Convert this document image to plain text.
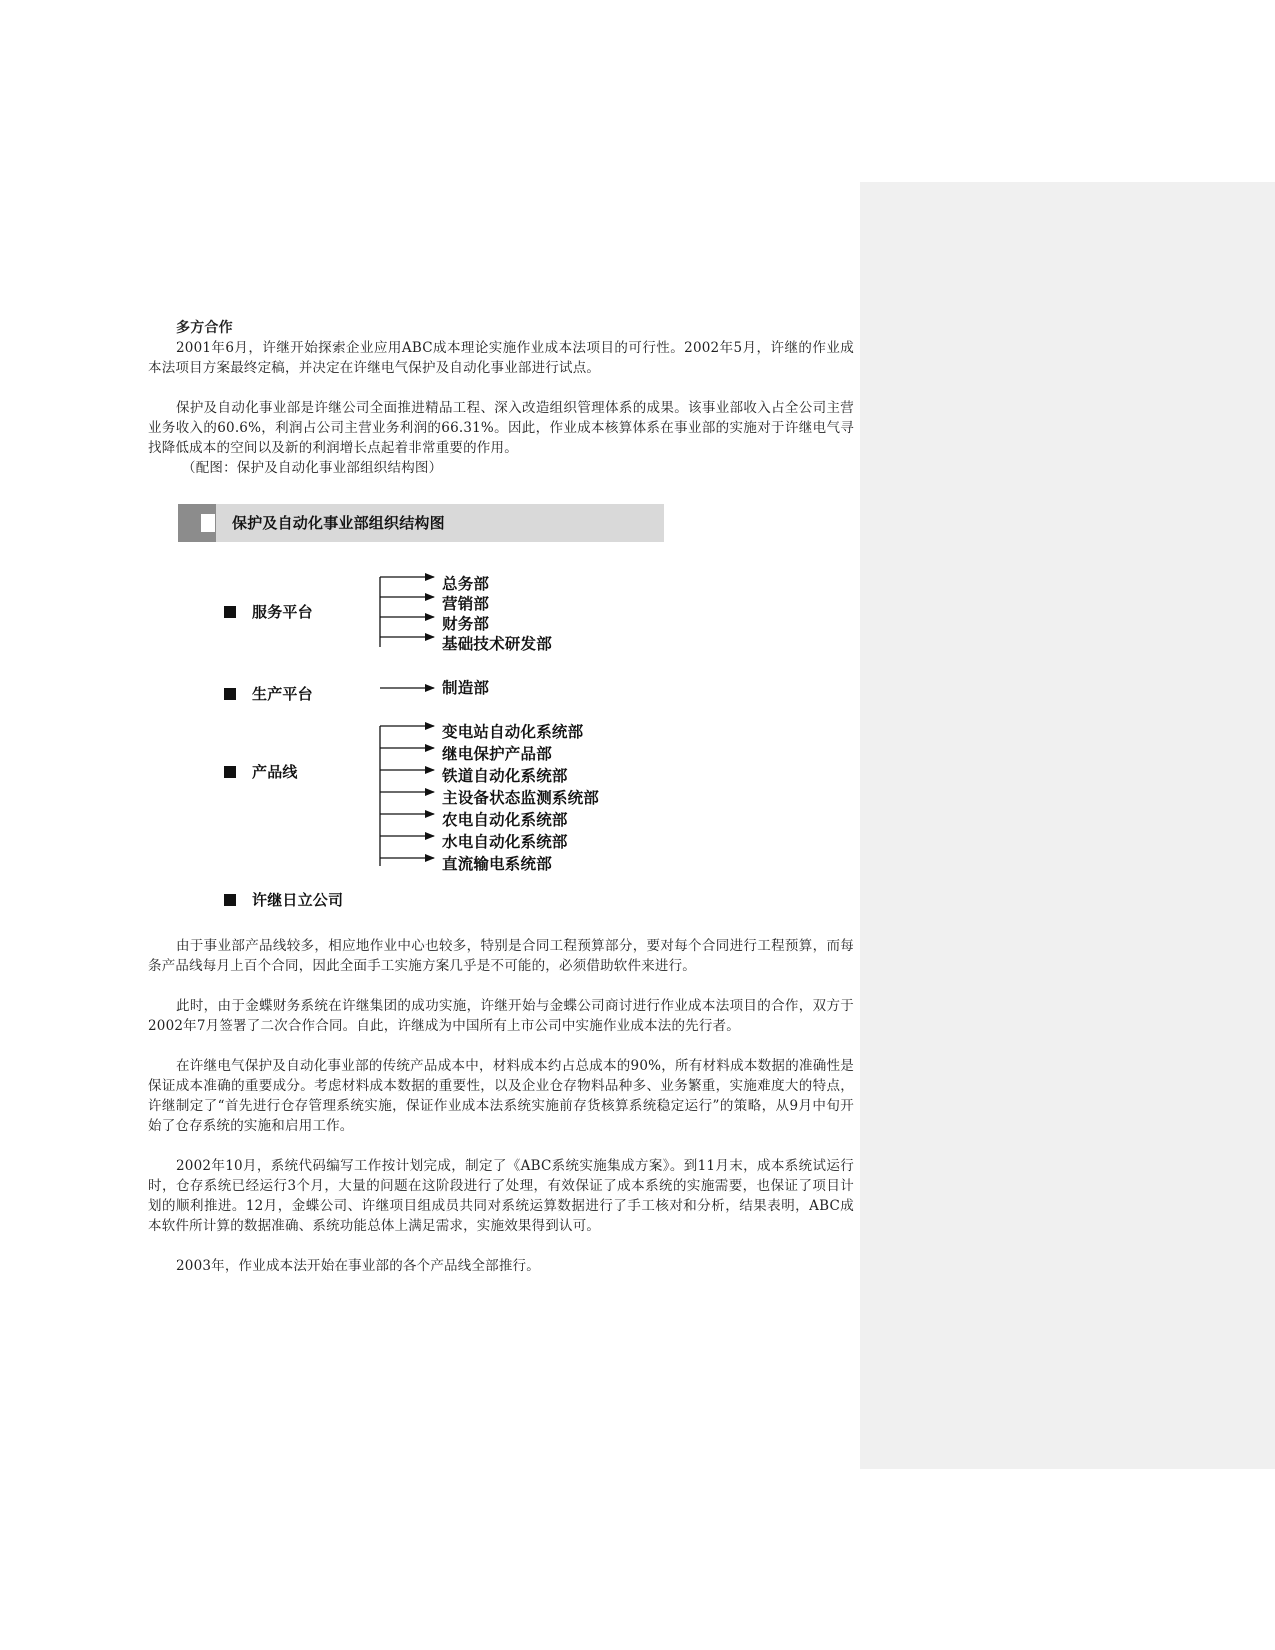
多方合作

2001年6月，许继开始探索企业应用ABC成本理论实施作业成本法项目的可行性。2002年5月，许继的作业成本法项目方案最终定稿，并决定在许继电气保护及自动化事业部进行试点。

保护及自动化事业部是许继公司全面推进精品工程、深入改造组织管理体系的成果。该事业部收入占全公司主营业务收入的60.6%，利润占公司主营业务利润的66.31%。因此，作业成本核算体系在事业部的实施对于许继电气寻找降低成本的空间以及新的利润增长点起着非常重要的作用。

（配图：保护及自动化事业部组织结构图）

保护及自动化事业部组织结构图
服务平台
生产平台
产品线
许继日立公司
总务部
营销部
财务部
基础技术研发部
制造部
变电站自动化系统部
继电保护产品部
铁道自动化系统部
主设备状态监测系统部
农电自动化系统部
水电自动化系统部
直流输电系统部

由于事业部产品线较多，相应地作业中心也较多，特别是合同工程预算部分，要对每个合同进行工程预算，而每条产品线每月上百个合同，因此全面手工实施方案几乎是不可能的，必须借助软件来进行。

此时，由于金蝶财务系统在许继集团的成功实施，许继开始与金蝶公司商讨进行作业成本法项目的合作，双方于2002年7月签署了二次合作合同。自此，许继成为中国所有上市公司中实施作业成本法的先行者。

在许继电气保护及自动化事业部的传统产品成本中，材料成本约占总成本的90%，所有材料成本数据的准确性是保证成本准确的重要成分。考虑材料成本数据的重要性，以及企业仓存物料品种多、业务繁重，实施难度大的特点，许继制定了“首先进行仓存管理系统实施，保证作业成本法系统实施前存货核算系统稳定运行”的策略，从9月中旬开始了仓存系统的实施和启用工作。

2002年10月，系统代码编写工作按计划完成，制定了《ABC系统实施集成方案》。到11月末，成本系统试运行时，仓存系统已经运行3个月，大量的问题在这阶段进行了处理，有效保证了成本系统的实施需要，也保证了项目计划的顺利推进。12月，金蝶公司、许继项目组成员共同对系统运算数据进行了手工核对和分析，结果表明，ABC成本软件所计算的数据准确、系统功能总体上满足需求，实施效果得到认可。

2003年，作业成本法开始在事业部的各个产品线全部推行。
